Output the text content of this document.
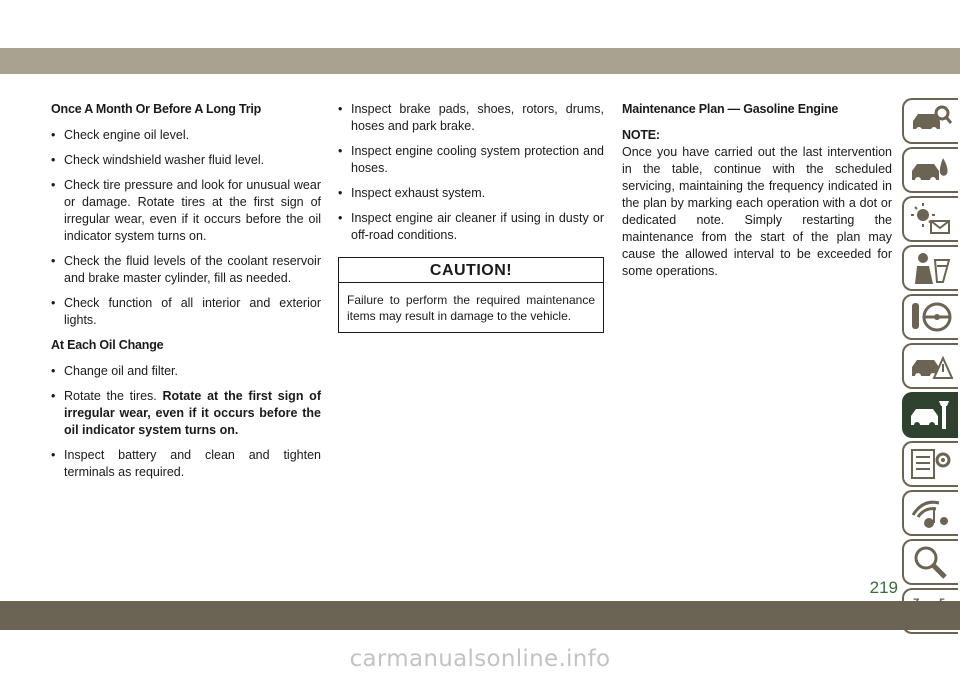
Once A Month Or Before A Long Trip
• Check engine oil level.
• Check windshield washer fluid level.
• Check tire pressure and look for unusual wear or damage. Rotate tires at the first sign of irregular wear, even if it occurs before the oil indicator system turns on.
• Check the fluid levels of the coolant reservoir and brake master cylinder, fill as needed.
• Check function of all interior and exterior lights.
At Each Oil Change
• Change oil and filter.
• Rotate the tires. Rotate at the first sign of irregular wear, even if it occurs before the oil indicator system turns on.
• Inspect battery and clean and tighten terminals as required.
• Inspect brake pads, shoes, rotors, drums, hoses and park brake.
• Inspect engine cooling system protection and hoses.
• Inspect exhaust system.
• Inspect engine air cleaner if using in dusty or off-road conditions.
CAUTION!
Failure to perform the required maintenance items may result in damage to the vehicle.
Maintenance Plan — Gasoline Engine
NOTE:

Once you have carried out the last intervention in the table, continue with the scheduled servicing, maintaining the frequency indicated in the plan by marking each operation with a dot or dedicated note. Simply restarting the maintenance from the start of the plan may cause the allowed interval to be exceeded for some operations.

219
carmanualsonline.info
